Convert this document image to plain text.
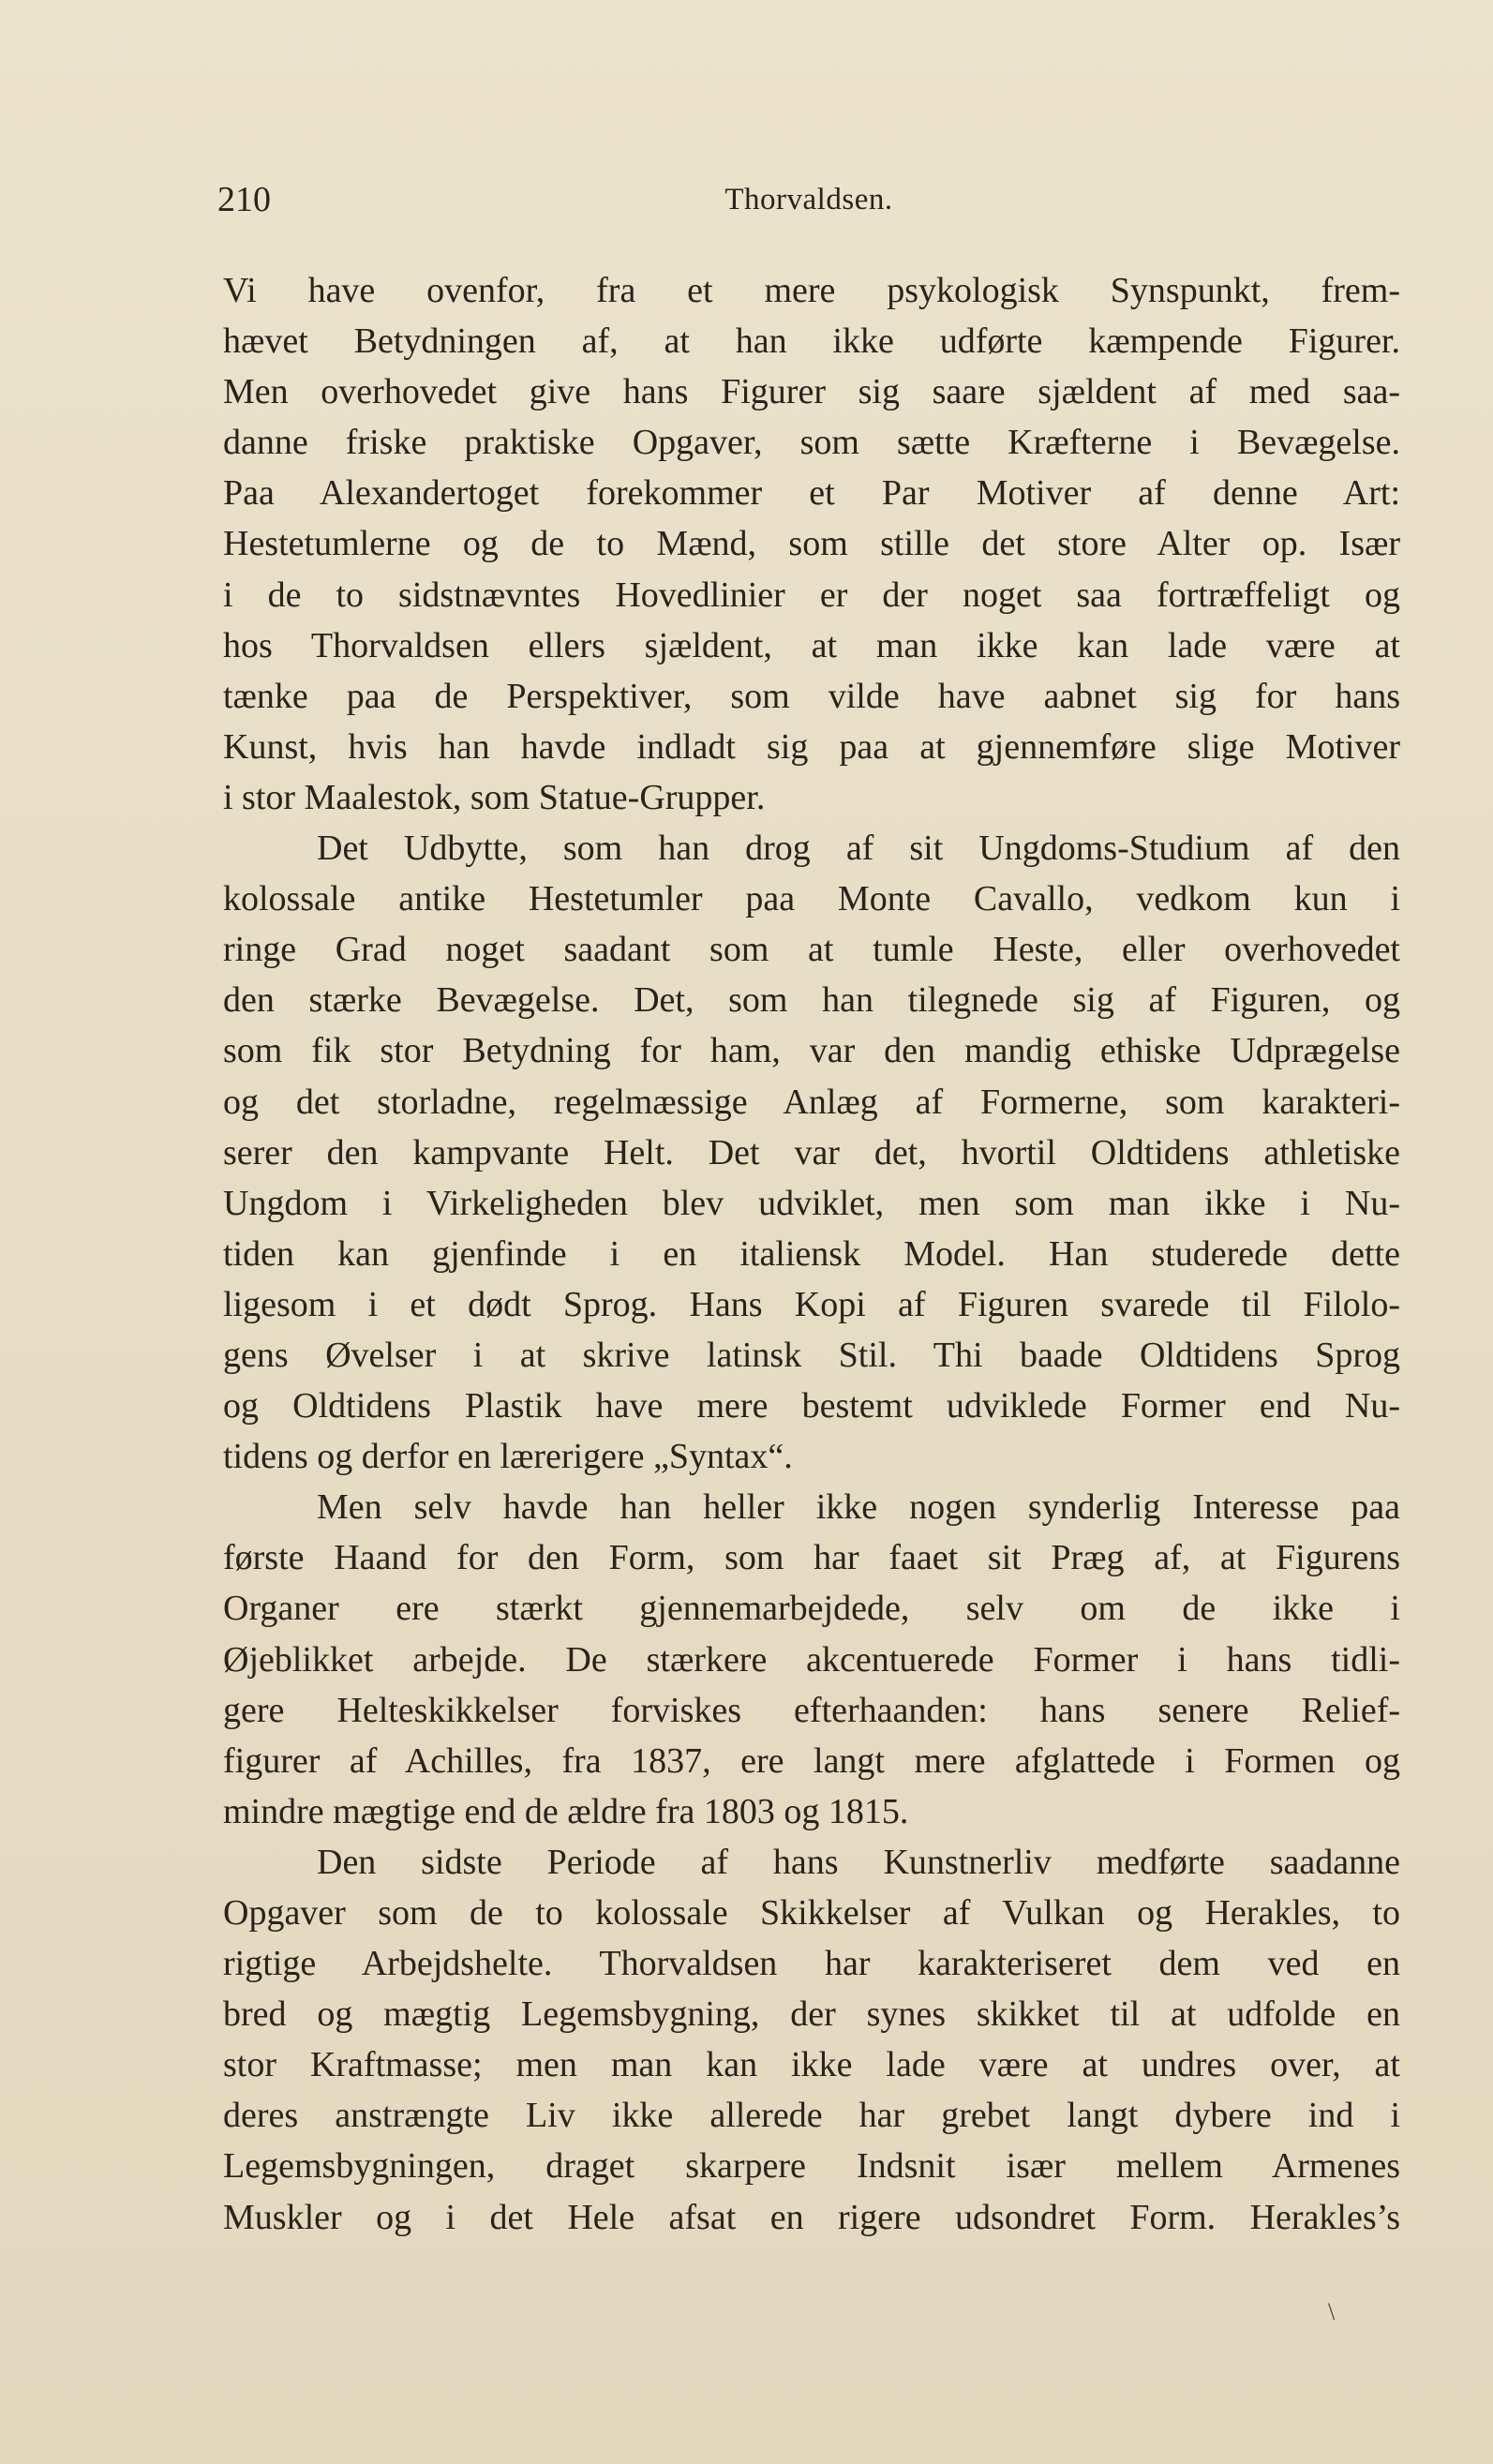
210	Thorvaldsen.
Vi have ovenfor, fra et mere psykologisk Synspunkt, frem-
hævet Betydningen af, at han ikke udførte kæmpende Figurer.
Men overhovedet give hans Figurer sig saare sjældent af med saa-
danne friske praktiske Opgaver, som sætte Kræfterne i Bevægelse.
Paa Alexandertoget forekommer et Par Motiver af denne Art:
Hestetumlerne og de to Mænd, som stille det store Alter op. Især
i de to sidstnævntes Hovedlinier er der noget saa fortræffeligt og
hos Thorvaldsen ellers sjældent, at man ikke kan lade være at
tænke paa de Perspektiver, som vilde have aabnet sig for hans
Kunst, hvis han havde indladt sig paa at gjennemføre slige Motiver
i stor Maalestok, som Statue-Grupper.
Det Udbytte, som han drog af sit Ungdoms-Studium af den
kolossale antike Hestetumler paa Monte Cavallo, vedkom kun i
ringe Grad noget saadant som at tumle Heste, eller overhovedet
den stærke Bevægelse. Det, som han tilegnede sig af Figuren, og
som fik stor Betydning for ham, var den mandig ethiske Udprægelse
og det storladne, regelmæssige Anlæg af Formerne, som karakteri-
serer den kampvante Helt. Det var det, hvortil Oldtidens athletiske
Ungdom i Virkeligheden blev udviklet, men som man ikke i Nu-
tiden kan gjenfinde i en italiensk Model. Han studerede dette
ligesom i et dødt Sprog. Hans Kopi af Figuren svarede til Filolo-
gens Øvelser i at skrive latinsk Stil. Thi baade Oldtidens Sprog
og Oldtidens Plastik have mere bestemt udviklede Former end Nu-
tidens og derfor en lærerigere „Syntax“.
Men selv havde han heller ikke nogen synderlig Interesse paa
første Haand for den Form, som har faaet sit Præg af, at Figurens
Organer ere stærkt gjennemarbejdede, selv om de ikke i
Øjeblikket arbejde. De stærkere akcentuerede Former i hans tidli-
gere Helteskikkelser forviskes efterhaanden: hans senere Relief-
figurer af Achilles, fra 1837, ere langt mere afglattede i Formen og
mindre mægtige end de ældre fra 1803 og 1815.
Den sidste Periode af hans Kunstnerliv medførte saadanne
Opgaver som de to kolossale Skikkelser af Vulkan og Herakles, to
rigtige Arbejdshelte. Thorvaldsen har karakteriseret dem ved en
bred og mægtig Legemsbygning, der synes skikket til at udfolde en
stor Kraftmasse; men man kan ikke lade være at undres over, at
deres anstrængte Liv ikke allerede har grebet langt dybere ind i
Legemsbygningen, draget skarpere Indsnit især mellem Armenes
Muskler og i det Hele afsat en rigere udsondret Form. Herakles’s
\
